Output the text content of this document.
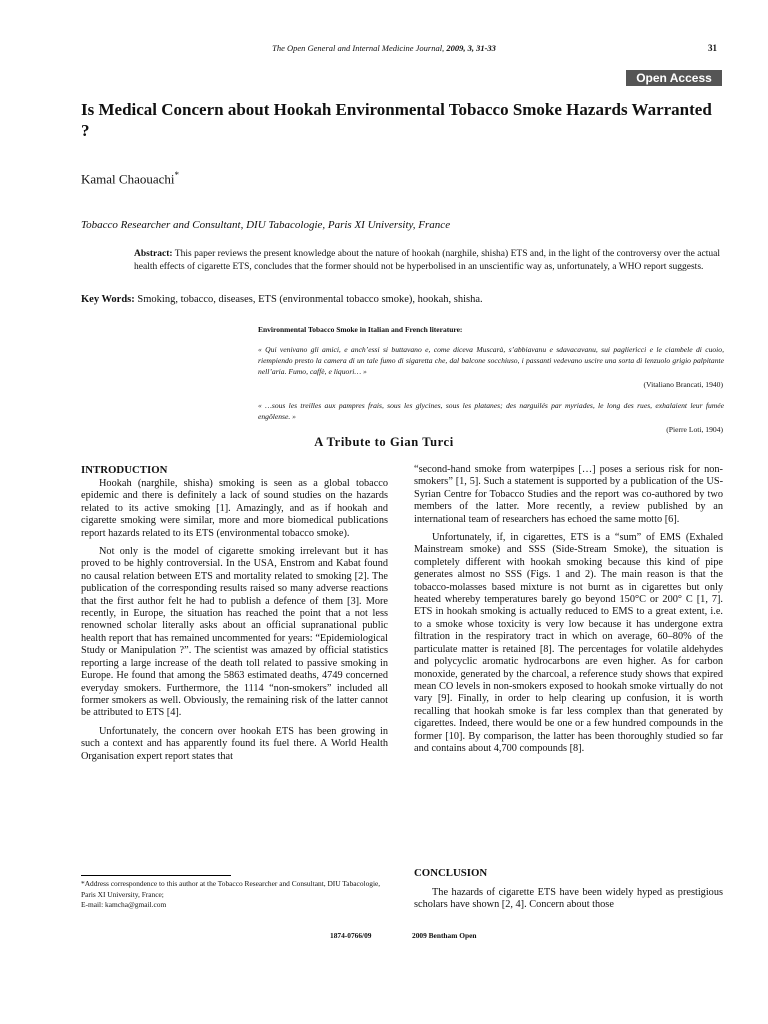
The Open General and Internal Medicine Journal, 2009, 3, 31-33	31
Open Access
Is Medical Concern about Hookah Environmental Tobacco Smoke Hazards Warranted ?
Kamal Chaouachi*
Tobacco Researcher and Consultant, DIU Tabacologie, Paris XI University, France
Abstract: This paper reviews the present knowledge about the nature of hookah (narghile, shisha) ETS and, in the light of the controversy over the actual health effects of cigarette ETS, concludes that the former should not be hyperbolised in an unscientific way as, unfortunately, a WHO report suggests.
Key Words: Smoking, tobacco, diseases, ETS (environmental tobacco smoke), hookah, shisha.
Environmental Tobacco Smoke in Italian and French literature:
« Qui venivano gli amici, e anch’essi si buttavano e, come diceva Muscarà, s’abbiavanu e sdavacavanu, sui paglierìcci e le ciambele di cuoio, riempiendo presto la camera di un tale fumo di sigaretta che, dal balcone socchiuso, i passanti vedevano uscire una sorta di lenzuolo grigio palpitante nell’aria. Fumo, caffè, e liquori… »
(Vitaliano Brancati, 1940)
« …sous les treilles aux pampres frais, sous les glycines, sous les platanes; des narguilés par myriades, le long des rues, exhalaient leur fumée engôlense. »
(Pierre Loti, 1904)
A Tribute to Gian Turci
INTRODUCTION

Hookah (narghile, shisha) smoking is seen as a global tobacco epidemic and there is definitely a lack of sound studies on the hazards related to its active smoking [1]. Amazingly, and as if hookah and cigarette smoking were similar, more and more biomedical publications report hazards related to its ETS (environmental tobacco smoke).

Not only is the model of cigarette smoking irrelevant but it has proved to be highly controversial. In the USA, Enstrom and Kabat found no causal relation between ETS and mortality related to smoking [2]. The publication of the corresponding results raised so many adverse reactions that the first author felt he had to publish a defence of them [3]. More recently, in Europe, the situation has reached the point that a not less renowned scholar literally asks about an official supranational public health report that has remained uncommented for years: “Epidemiological Study or Manipulation ?”. The scientist was amazed by official statistics reporting a large increase of the death toll related to passive smoking in Europe. He found that among the 5863 estimated deaths, 4749 concerned everyday smokers. Furthermore, the 1114 “non-smokers” included all former smokers as well. Obviously, the remaining risk of the latter cannot be attributed to ETS [4].

Unfortunately, the concern over hookah ETS has been growing in such a context and has apparently found its fuel there. A World Health Organisation expert report states that

“second-hand smoke from waterpipes […] poses a serious risk for non-smokers” [1, 5]. Such a statement is supported by a publication of the US-Syrian Centre for Tobacco Studies and the report was co-authored by two members of the latter. More recently, a review published by an international team of researchers has echoed the same motto [6].

Unfortunately, if, in cigarettes, ETS is a “sum” of EMS (Exhaled Mainstream smoke) and SSS (Side-Stream Smoke), the situation is completely different with hookah smoking because this kind of pipe generates almost no SSS (Figs. 1 and 2). The main reason is that the tobacco-molasses based mixture is not burnt as in cigarettes but only heated whereby temperatures barely go beyond 150°C or 200° C [1, 7]. ETS in hookah smoking is actually reduced to EMS to a great extent, i.e. to a smoke whose toxicity is very low because it has undergone extra filtration in the respiratory tract in which on average, 60–80% of the particulate matter is retained [8]. The percentages for volatile aldehydes and polycyclic aromatic hydrocarbons are even higher. As for carbon monoxide, generated by the charcoal, a reference study shows that expired mean CO levels in non-smokers exposed to hookah smoke virtually do not vary [9]. Finally, in order to help clearing up confusion, it is worth recalling that hookah smoke is far less complex than that generated by cigarettes. Indeed, there would be one or a few hundred compounds in the former [10]. By comparison, the latter has been thoroughly studied so far and contains about 4,700 compounds [8].

CONCLUSION

The hazards of cigarette ETS have been widely hyped as prestigious scholars have shown [2, 4]. Concern about those

*Address correspondence to this author at the Tobacco Researcher and Consultant, DIU Tabacologie, Paris XI University, France;
E-mail: kamcha@gmail.com
1874-0766/09	2009 Bentham Open
